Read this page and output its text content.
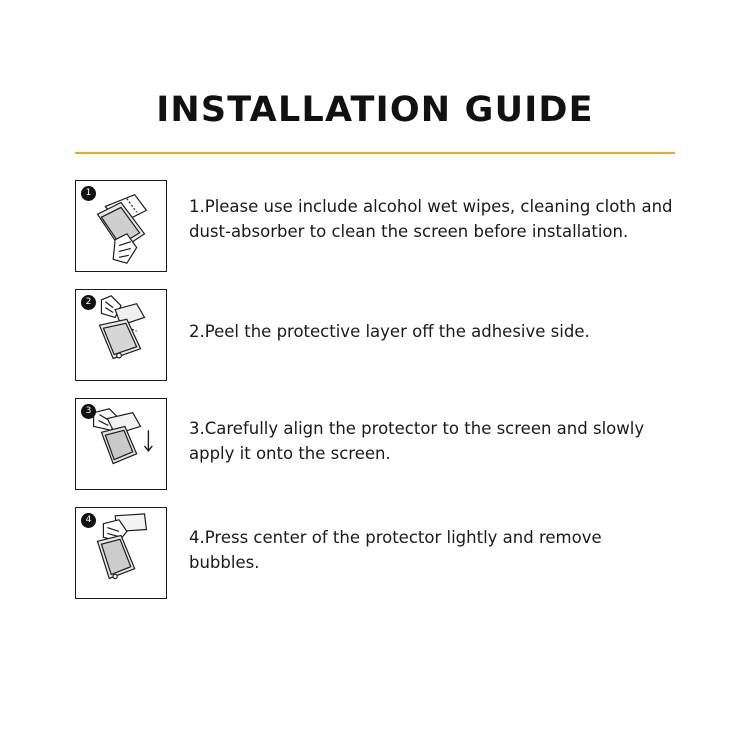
INSTALLATION GUIDE
1
1.Please use include alcohol wet wipes, cleaning cloth and dust-absorber to clean the screen before installation.
2
2.Peel the protective layer off the adhesive side.
3
3.Carefully align the protector to the screen and slowly apply it onto the screen.
4
4.Press center of the protector lightly and remove bubbles.
